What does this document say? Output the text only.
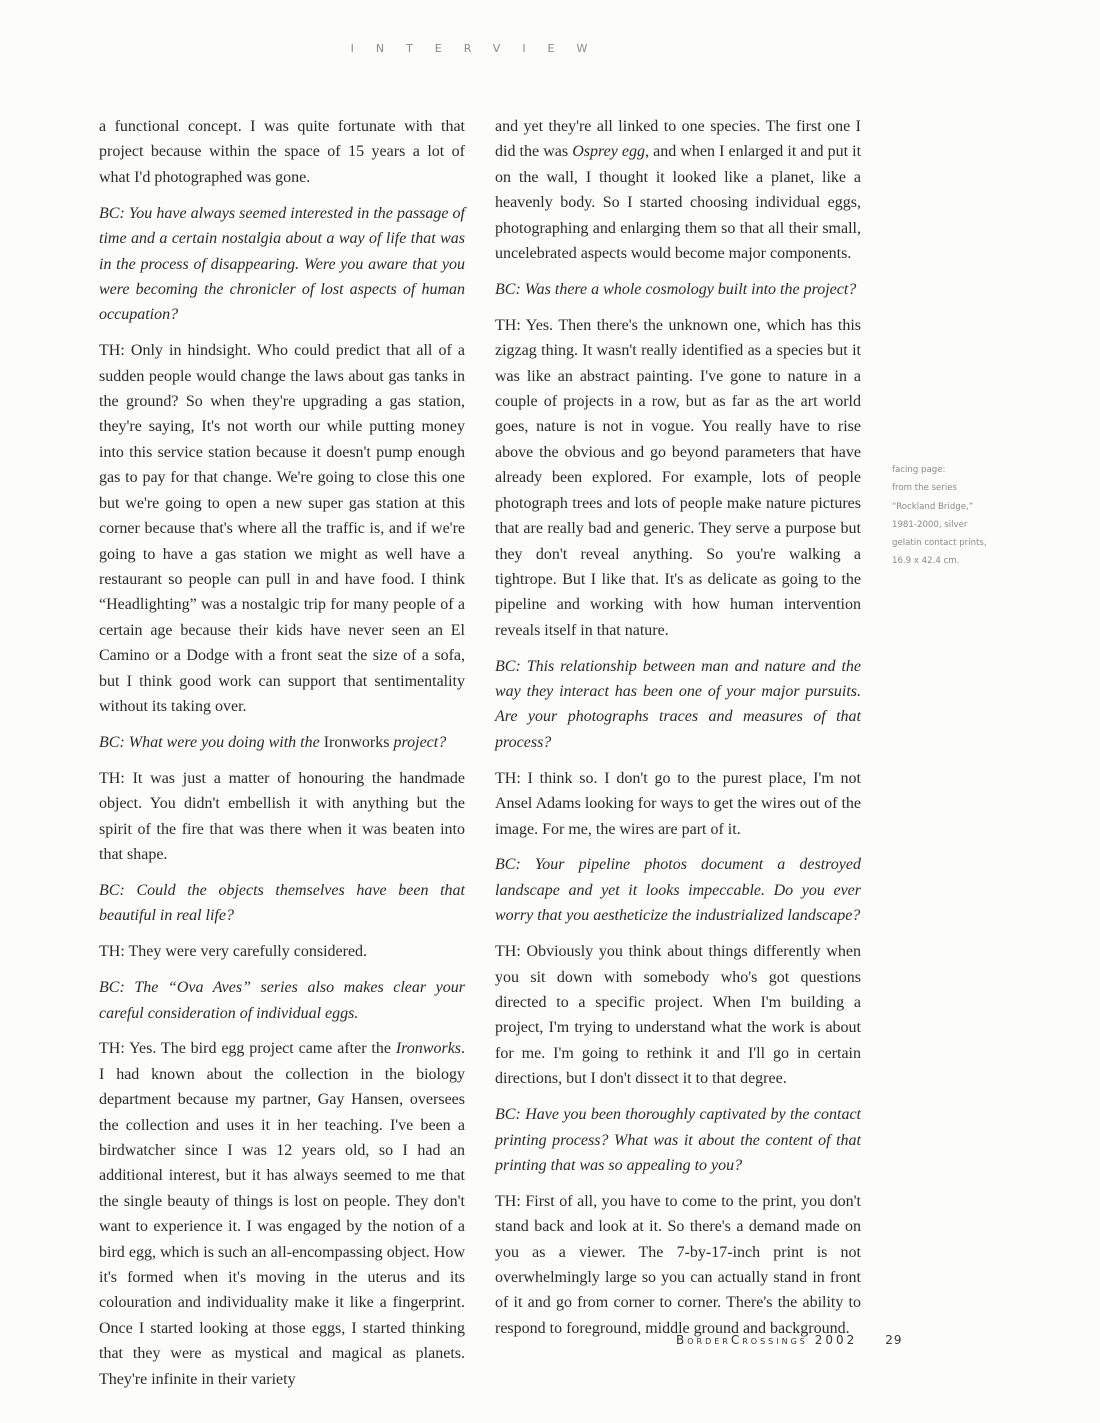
INTERVIEW

a functional concept. I was quite fortunate with that project because within the space of 15 years a lot of what I'd photographed was gone.

BC: You have always seemed interested in the passage of time and a certain nostalgia about a way of life that was in the process of disappearing. Were you aware that you were becoming the chronicler of lost aspects of human occupation?

TH: Only in hindsight. Who could predict that all of a sudden people would change the laws about gas tanks in the ground? So when they're upgrading a gas station, they're saying, It's not worth our while putting money into this service station because it doesn't pump enough gas to pay for that change. We're going to close this one but we're going to open a new super gas station at this corner because that's where all the traffic is, and if we're going to have a gas station we might as well have a restaurant so people can pull in and have food. I think “Headlighting” was a nostalgic trip for many people of a certain age because their kids have never seen an El Camino or a Dodge with a front seat the size of a sofa, but I think good work can support that sentimentality without its taking over.

BC: What were you doing with the Ironworks project?

TH: It was just a matter of honouring the handmade object. You didn't embellish it with anything but the spirit of the fire that was there when it was beaten into that shape.

BC: Could the objects themselves have been that beautiful in real life?

TH: They were very carefully considered.

BC: The “Ova Aves” series also makes clear your careful consideration of individual eggs.

TH: Yes. The bird egg project came after the Ironworks. I had known about the collection in the biology department because my partner, Gay Hansen, oversees the collection and uses it in her teaching. I've been a birdwatcher since I was 12 years old, so I had an additional interest, but it has always seemed to me that the single beauty of things is lost on people. They don't want to experience it. I was engaged by the notion of a bird egg, which is such an all-encompassing object. How it's formed when it's moving in the uterus and its colouration and individuality make it like a fingerprint. Once I started looking at those eggs, I started thinking that they were as mystical and magical as planets. They're infinite in their variety

and yet they're all linked to one species. The first one I did the was Osprey egg, and when I enlarged it and put it on the wall, I thought it looked like a planet, like a heavenly body. So I started choosing individual eggs, photographing and enlarging them so that all their small, uncelebrated aspects would become major components.

BC: Was there a whole cosmology built into the project?

TH: Yes. Then there's the unknown one, which has this zigzag thing. It wasn't really identified as a species but it was like an abstract painting. I've gone to nature in a couple of projects in a row, but as far as the art world goes, nature is not in vogue. You really have to rise above the obvious and go beyond parameters that have already been explored. For example, lots of people photograph trees and lots of people make nature pictures that are really bad and generic. They serve a purpose but they don't reveal anything. So you're walking a tightrope. But I like that. It's as delicate as going to the pipeline and working with how human intervention reveals itself in that nature.

BC: This relationship between man and nature and the way they interact has been one of your major pursuits. Are your photographs traces and measures of that process?

TH: I think so. I don't go to the purest place, I'm not Ansel Adams looking for ways to get the wires out of the image. For me, the wires are part of it.

BC: Your pipeline photos document a destroyed landscape and yet it looks impeccable. Do you ever worry that you aestheticize the industrialized landscape?

TH: Obviously you think about things differently when you sit down with somebody who's got questions directed to a specific project. When I'm building a project, I'm trying to understand what the work is about for me. I'm going to rethink it and I'll go in certain directions, but I don't dissect it to that degree.

BC: Have you been thoroughly captivated by the contact printing process? What was it about the content of that printing that was so appealing to you?

TH: First of all, you have to come to the print, you don't stand back and look at it. So there's a demand made on you as a viewer. The 7-by-17-inch print is not overwhelmingly large so you can actually stand in front of it and go from corner to corner. There's the ability to respond to foreground, middle ground and background.

facing page:
from the series
“Rockland Bridge,”
1981-2000, silver
gelatin contact prints,
16.9 x 42.4 cm.
BorderCrossings 2002 29
